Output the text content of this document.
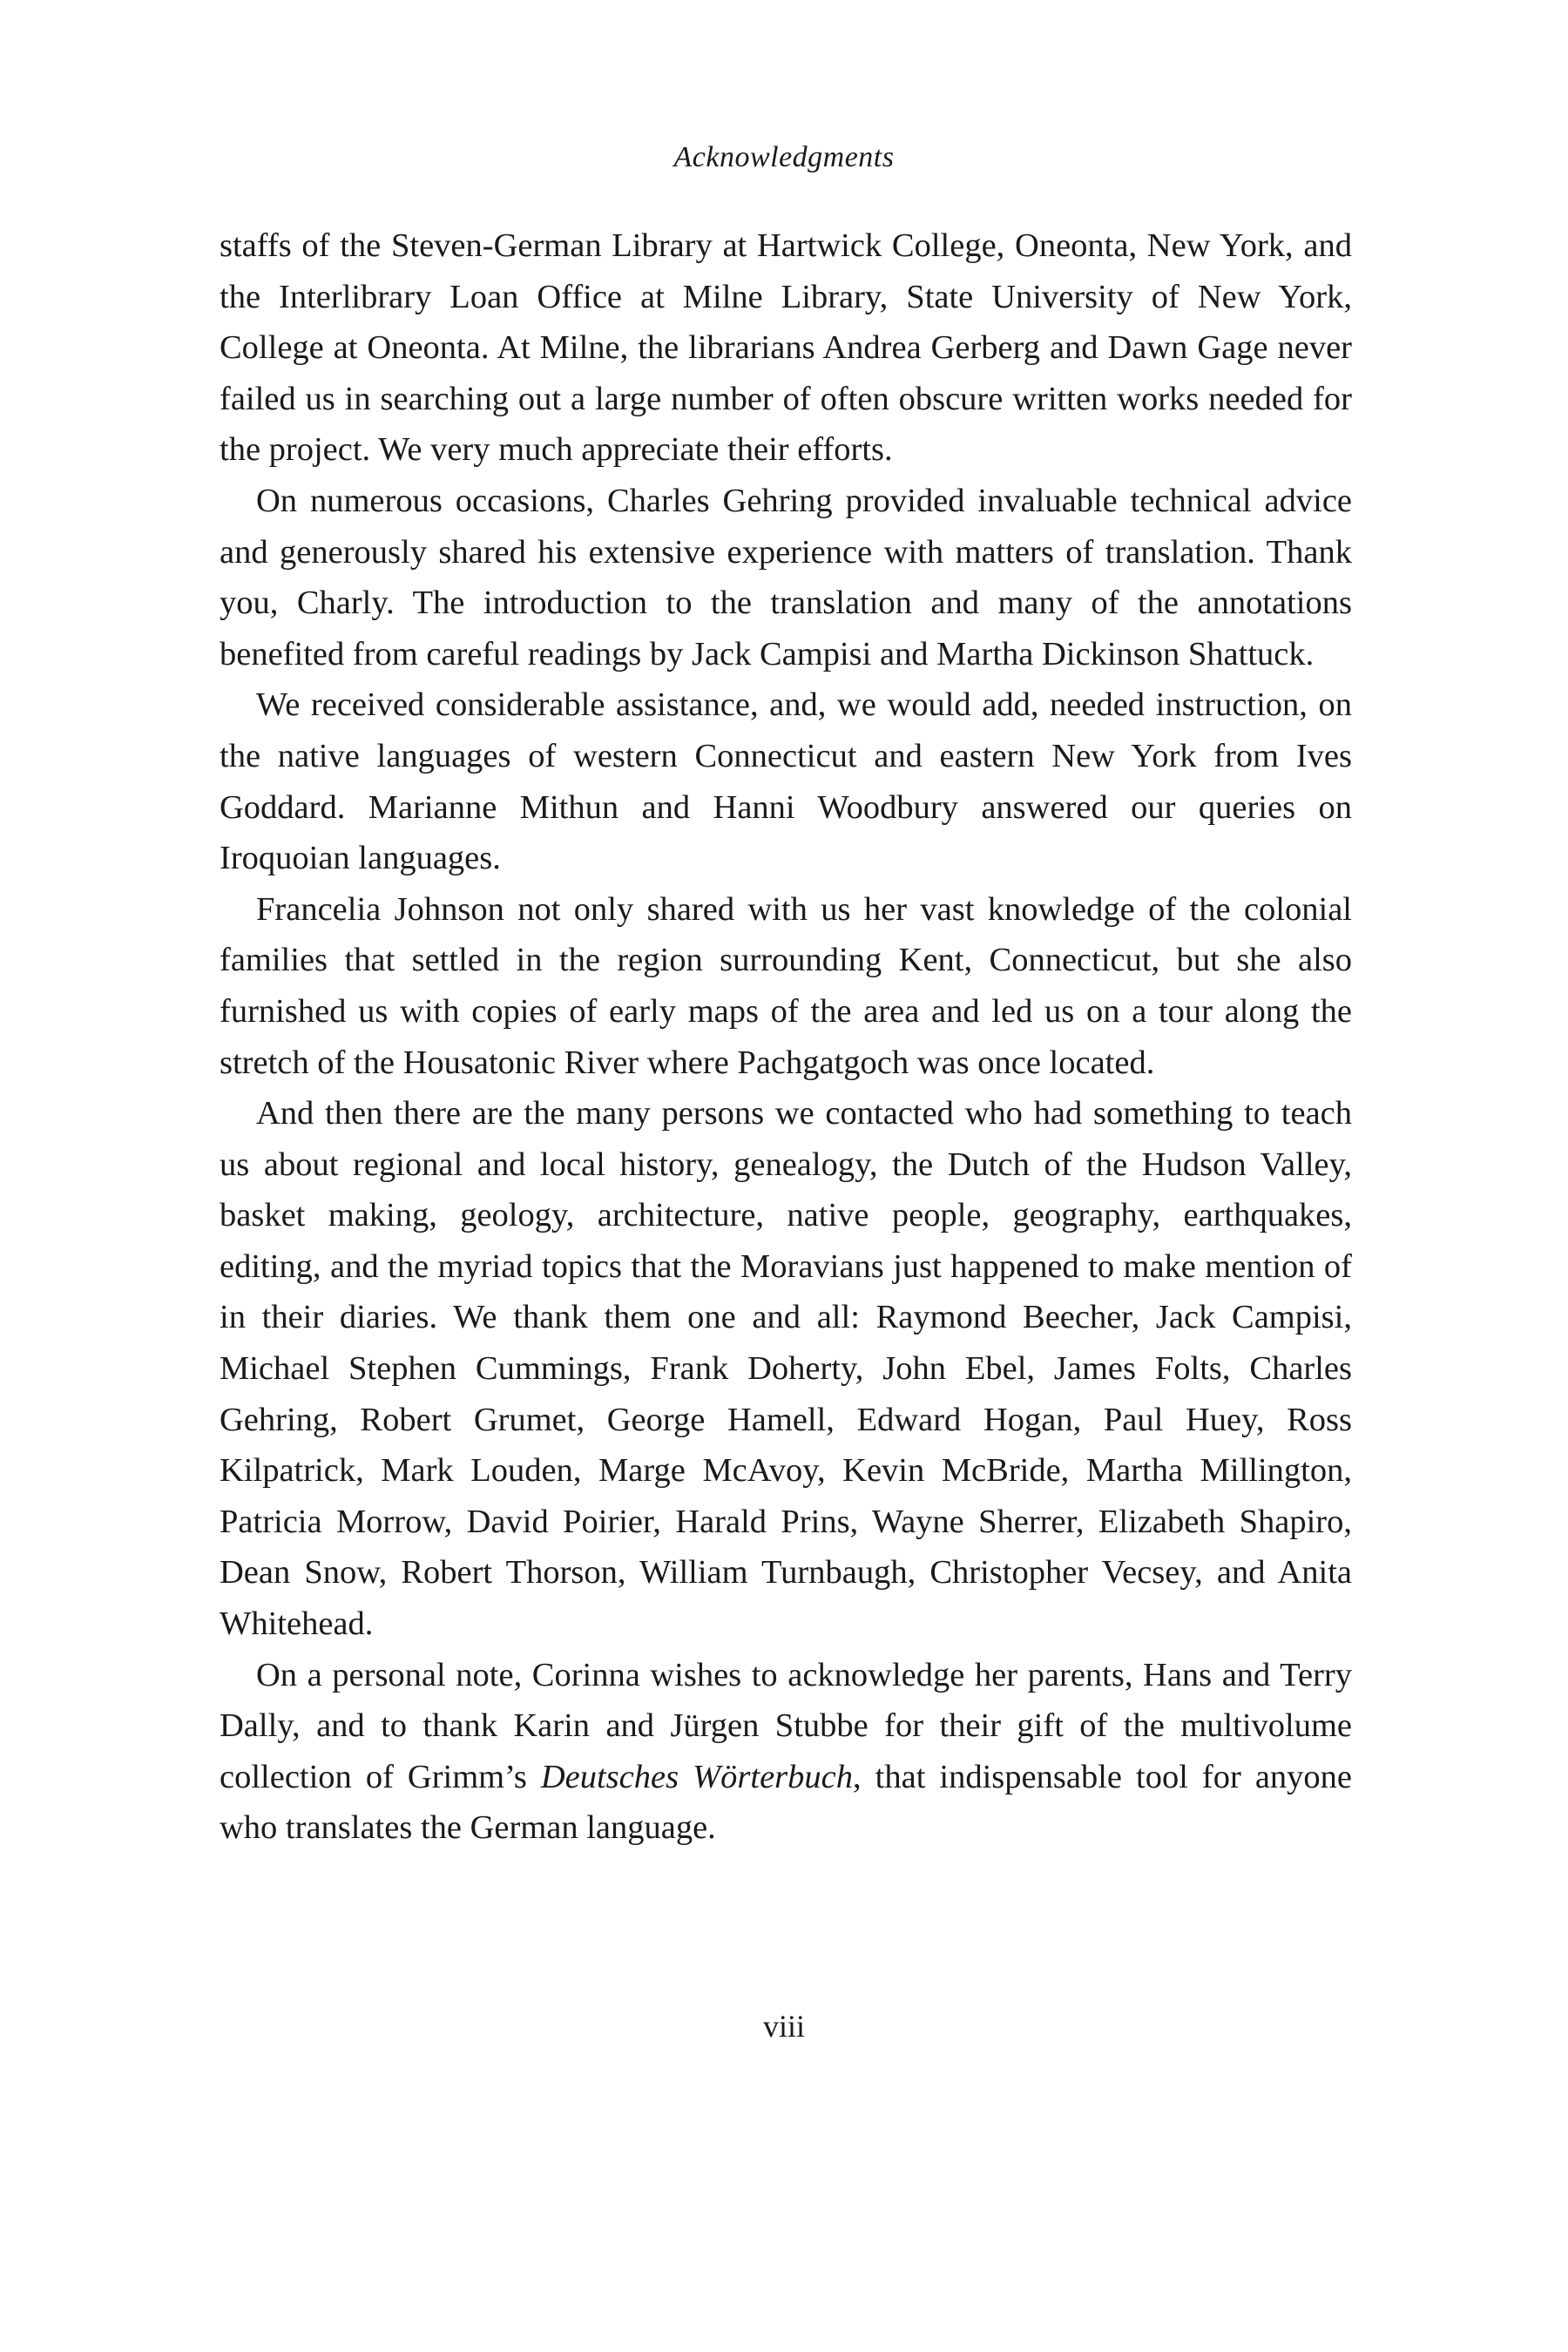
Acknowledgments

staffs of the Steven-German Library at Hartwick College, Oneonta, New York, and the Interlibrary Loan Office at Milne Library, State University of New York, College at Oneonta. At Milne, the librarians Andrea Gerberg and Dawn Gage never failed us in searching out a large number of often obscure written works needed for the project. We very much appreciate their efforts.

On numerous occasions, Charles Gehring provided invaluable technical advice and generously shared his extensive experience with matters of translation. Thank you, Charly. The introduction to the translation and many of the annotations benefited from careful readings by Jack Campisi and Martha Dickinson Shattuck.

We received considerable assistance, and, we would add, needed instruction, on the native languages of western Connecticut and eastern New York from Ives Goddard. Marianne Mithun and Hanni Woodbury answered our queries on Iroquoian languages.

Francelia Johnson not only shared with us her vast knowledge of the colonial families that settled in the region surrounding Kent, Connecticut, but she also furnished us with copies of early maps of the area and led us on a tour along the stretch of the Housatonic River where Pachgatgoch was once located.

And then there are the many persons we contacted who had something to teach us about regional and local history, genealogy, the Dutch of the Hudson Valley, basket making, geology, architecture, native people, geography, earthquakes, editing, and the myriad topics that the Moravians just happened to make mention of in their diaries. We thank them one and all: Raymond Beecher, Jack Campisi, Michael Stephen Cummings, Frank Doherty, John Ebel, James Folts, Charles Gehring, Robert Grumet, George Hamell, Edward Hogan, Paul Huey, Ross Kilpatrick, Mark Louden, Marge McAvoy, Kevin McBride, Martha Millington, Patricia Morrow, David Poirier, Harald Prins, Wayne Sherrer, Elizabeth Shapiro, Dean Snow, Robert Thorson, William Turnbaugh, Christopher Vecsey, and Anita Whitehead.

On a personal note, Corinna wishes to acknowledge her parents, Hans and Terry Dally, and to thank Karin and Jürgen Stubbe for their gift of the multivolume collection of Grimm’s Deutsches Wörterbuch, that indispensable tool for anyone who translates the German language.

viii
